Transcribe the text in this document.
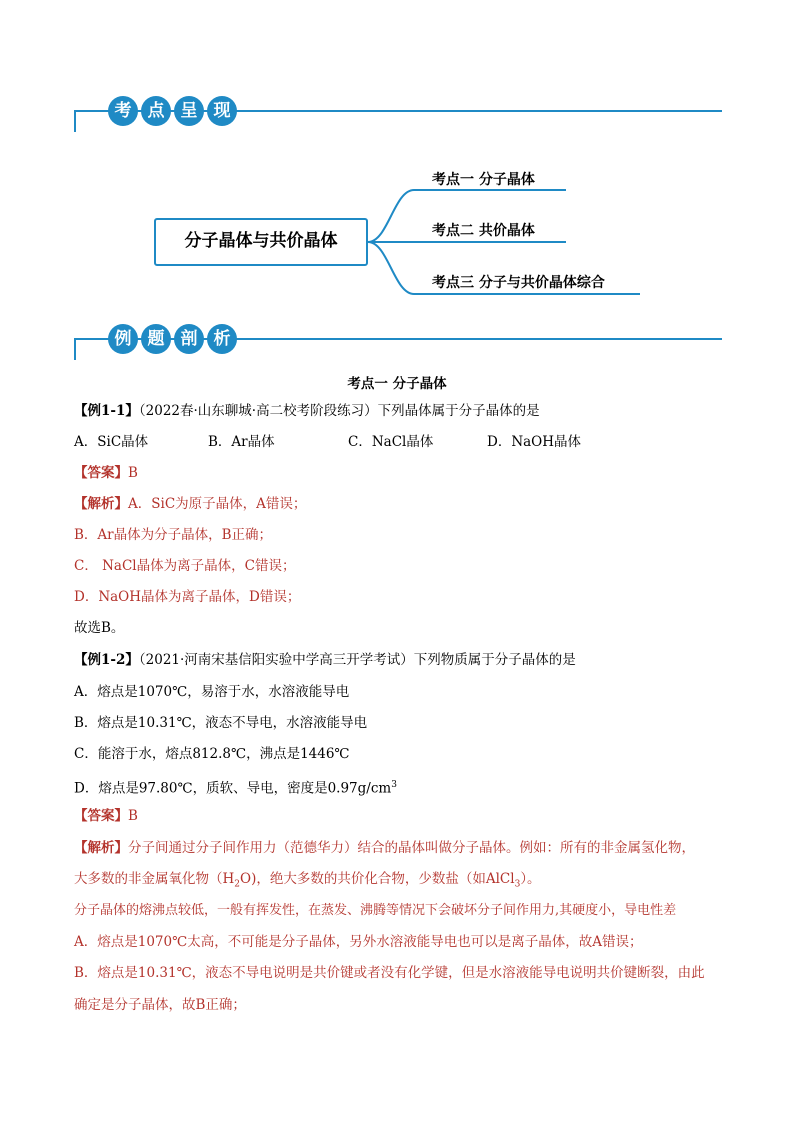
考 点 呈 现
分子晶体与共价晶体
考点一 分子晶体
考点二 共价晶体
考点三 分子与共价晶体综合
例 题 剖 析
考点一 分子晶体
【例1-1】（2022春·山东聊城·高二校考阶段练习）下列晶体属于分子晶体的是
A．SiC晶体	B．Ar晶体	C．NaCl晶体	D．NaOH晶体
【答案】B
【解析】A．SiC为原子晶体，A错误；
B．Ar晶体为分子晶体，B正确；
C． NaCl晶体为离子晶体，C错误；
D．NaOH晶体为离子晶体，D错误；
故选B。
【例1-2】（2021·河南宋基信阳实验中学高三开学考试）下列物质属于分子晶体的是
A．熔点是1070℃，易溶于水，水溶液能导电
B．熔点是10.31℃，液态不导电，水溶液能导电
C．能溶于水，熔点812.8℃，沸点是1446℃
D．熔点是97.80℃，质软、导电，密度是$0.97g/cm^3$
【答案】B
【解析】分子间通过分子间作用力（范德华力）结合的晶体叫做分子晶体。例如：所有的非金属氢化物，
大多数的非金属氧化物$(H_2O)$，绝大多数的共价化合物，少数盐（如AlCl$_3$）。
分子晶体的熔沸点较低，一般有挥发性，在蒸发、沸腾等情况下会破坏分子间作用力,其硬度小，导电性差
A．熔点是1070℃太高，不可能是分子晶体，另外水溶液能导电也可以是离子晶体，故A错误；
B．熔点是10.31℃，液态不导电说明是共价键或者没有化学键，但是水溶液能导电说明共价键断裂，由此
确定是分子晶体，故B正确；
